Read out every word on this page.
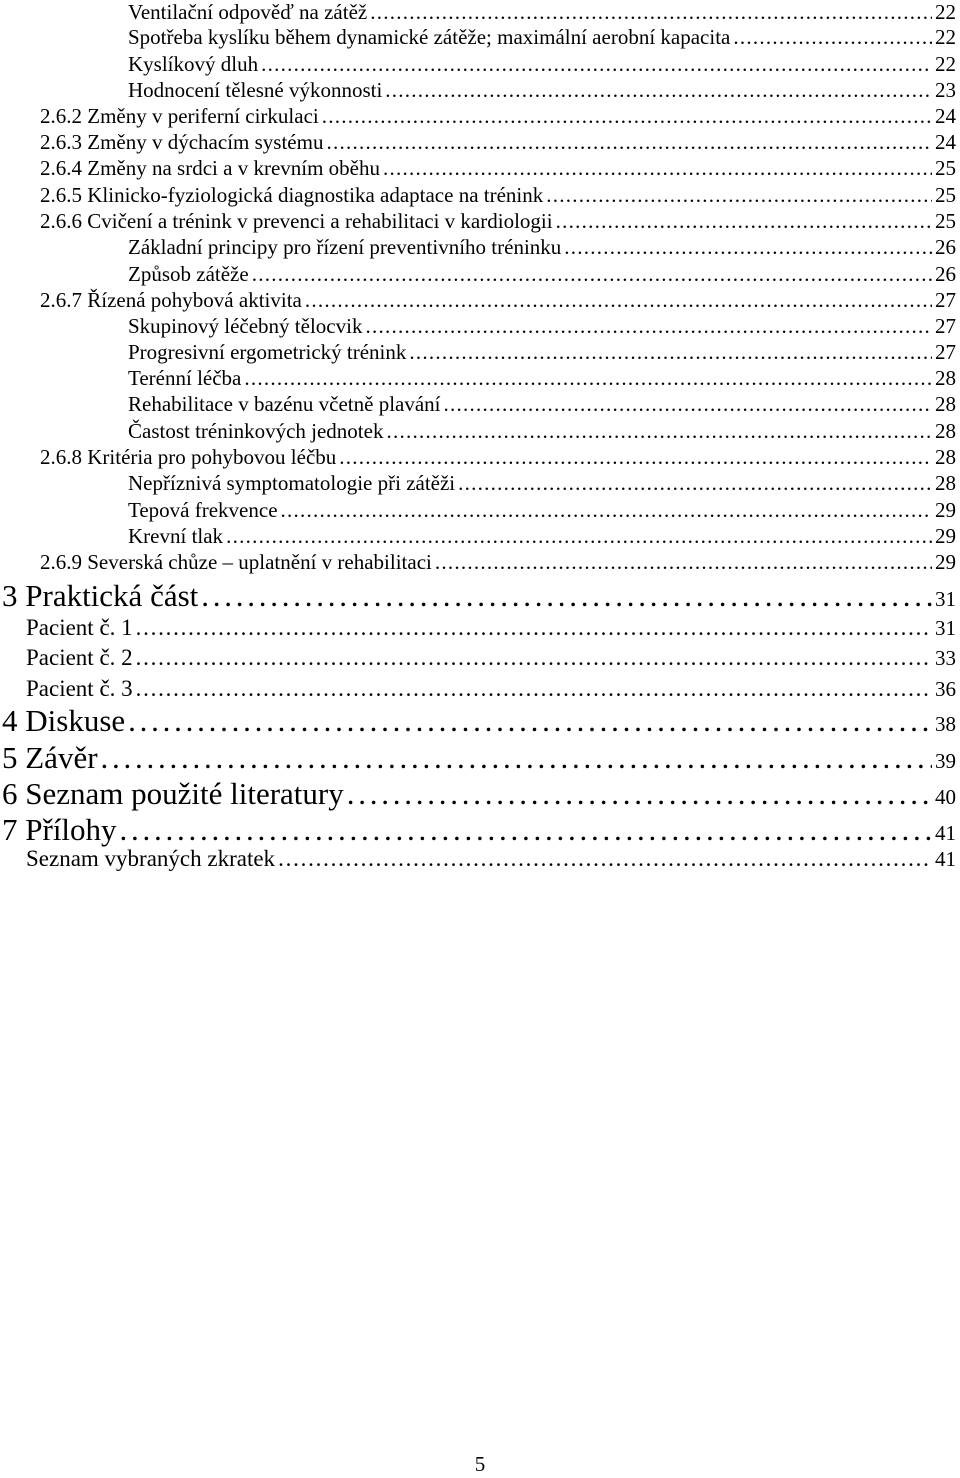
Ventilační odpověď na zátěž . . .	22
Spotřeba kyslíku během dynamické zátěže; maximální aerobní kapacita . . .	22
Kyslíkový dluh . . .	22
Hodnocení tělesné výkonnosti . . .	23
2.6.2 Změny v periferní cirkulaci . . .	24
2.6.3 Změny v dýchacím systému . . .	24
2.6.4 Změny na srdci a v krevním oběhu . . .	25
2.6.5 Klinicko-fyziologická diagnostika adaptace na trénink . . .	25
2.6.6 Cvičení a trénink v prevenci a rehabilitaci v kardiologii . . .	25
Základní principy pro řízení preventivního tréninku . . .	26
Způsob zátěže . . .	26
2.6.7 Řízená pohybová aktivita . . .	27
Skupinový léčebný tělocvik . . .	27
Progresivní ergometrický trénink . . .	27
Terénní léčba . . .	28
Rehabilitace v bazénu včetně plavání . . .	28
Častost tréninkových jednotek . . .	28
2.6.8 Kritéria pro pohybovou léčbu . . .	28
Nepříznivá symptomatologie při zátěži . . .	28
Tepová frekvence . . .	29
Krevní tlak . . .	29
2.6.9 Severská chůze – uplatnění v rehabilitaci . . .	29
3 Praktická část . . .	31
Pacient č. 1 . . .	31
Pacient č. 2 . . .	33
Pacient č. 3 . . .	36
4 Diskuse . . .	38
5 Závěr . . .	39
6 Seznam použité literatury . . .	40
7 Přílohy . . .	41
Seznam vybraných zkratek . . .	41
5
